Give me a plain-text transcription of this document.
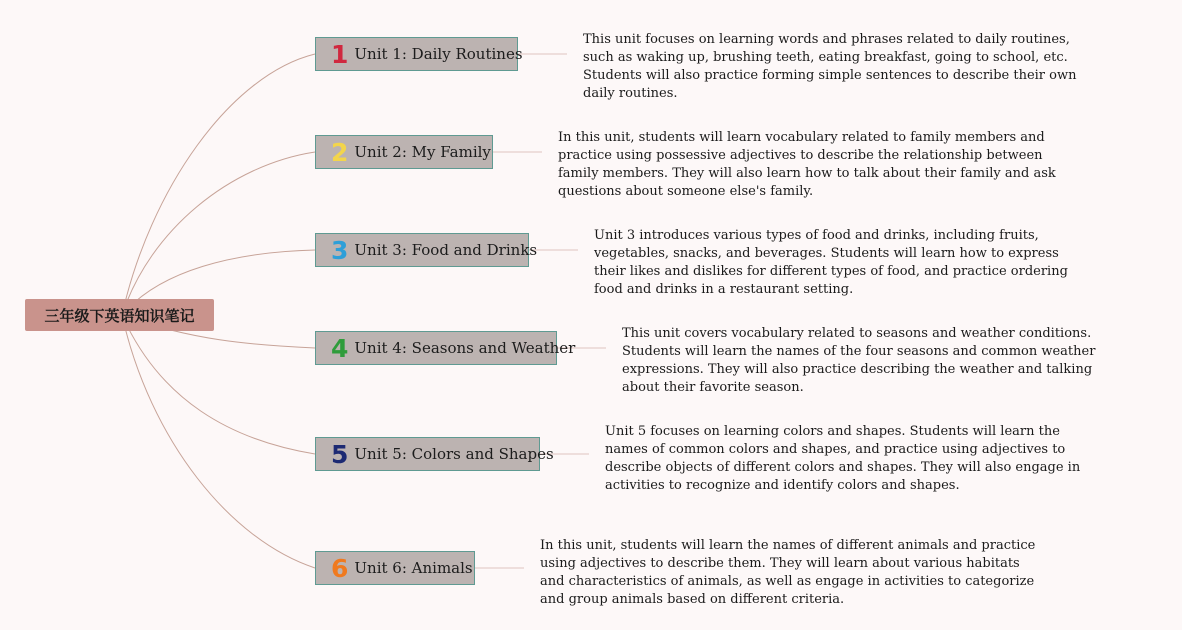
三年级下英语知识笔记
1 Unit 1: Daily Routines
This unit focuses on learning words and phrases related to daily routines, such as waking up, brushing teeth, eating breakfast, going to school, etc. Students will also practice forming simple sentences to describe their own daily routines.
2 Unit 2: My Family
In this unit, students will learn vocabulary related to family members and practice using possessive adjectives to describe the relationship between family members. They will also learn how to talk about their family and ask questions about someone else's family.
3 Unit 3: Food and Drinks
Unit 3 introduces various types of food and drinks, including fruits, vegetables, snacks, and beverages. Students will learn how to express their likes and dislikes for different types of food, and practice ordering food and drinks in a restaurant setting.
4 Unit 4: Seasons and Weather
This unit covers vocabulary related to seasons and weather conditions. Students will learn the names of the four seasons and common weather expressions. They will also practice describing the weather and talking about their favorite season.
5 Unit 5: Colors and Shapes
Unit 5 focuses on learning colors and shapes. Students will learn the names of common colors and shapes, and practice using adjectives to describe objects of different colors and shapes. They will also engage in activities to recognize and identify colors and shapes.
6 Unit 6: Animals
In this unit, students will learn the names of different animals and practice using adjectives to describe them. They will learn about various habitats and characteristics of animals, as well as engage in activities to categorize and group animals based on different criteria.
